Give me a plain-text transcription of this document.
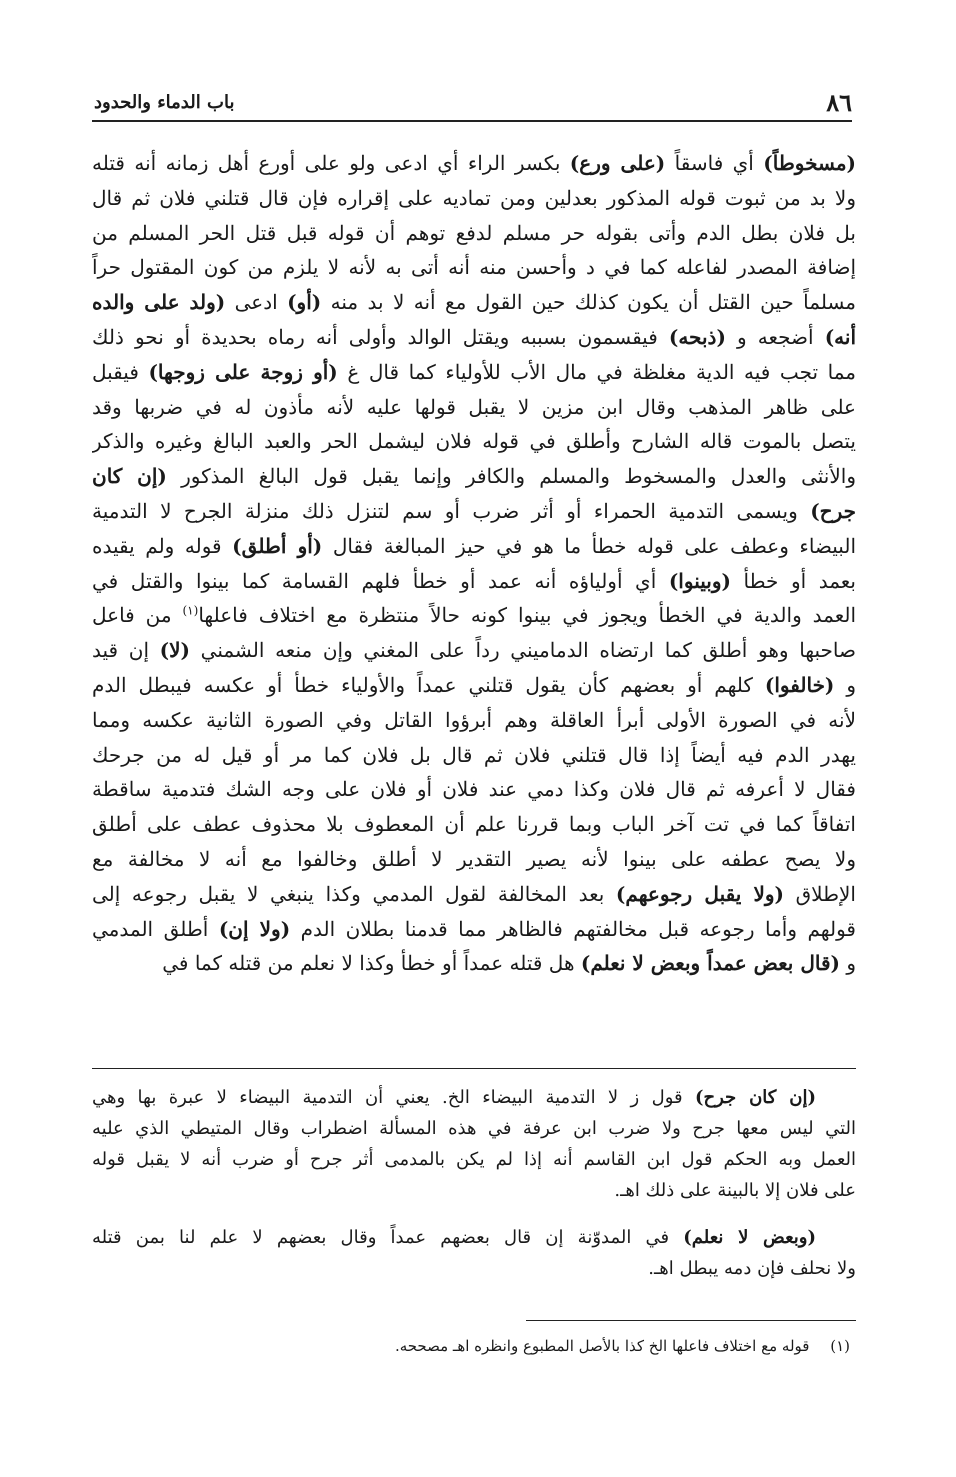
٨٦
باب الدماء والحدود
(مسخوطاً) أي فاسقاً (على ورع) بكسر الراء أي ادعى ولو على أورع أهل زمانه أنه قتله
ولا بد من ثبوت قوله المذكور بعدلين ومن تماديه على إقراره فإن قال قتلني فلان ثم قال
بل فلان بطل الدم وأتى بقوله حر مسلم لدفع توهم أن قوله قبل قتل الحر المسلم من
إضافة المصدر لفاعله كما في د وأحسن منه أنه أتى به لأنه لا يلزم من كون المقتول حراً
مسلماً حين القتل أن يكون كذلك حين القول مع أنه لا بد منه (أو) ادعى (ولد على والده
أنه) أضجعه و (ذبحه) فيقسمون بسببه ويقتل الوالد وأولى أنه رماه بحديدة أو نحو ذلك
مما تجب فيه الدية مغلظة في مال الأب للأولياء كما قال غ (أو زوجة على زوجها) فيقبل
على ظاهر المذهب وقال ابن مزين لا يقبل قولها عليه لأنه مأذون له في ضربها وقد
يتصل بالموت قاله الشارح وأطلق في قوله فلان ليشمل الحر والعبد البالغ وغيره والذكر
والأنثى والعدل والمسخوط والمسلم والكافر وإنما يقبل قول البالغ المذكور (إن كان
جرح) ويسمى التدمية الحمراء أو أثر ضرب أو سم لتنزل ذلك منزلة الجرح لا التدمية
البيضاء وعطف على قوله خطأ ما هو في حيز المبالغة فقال (أو أطلق) قوله ولم يقيده
بعمد أو خطأ (وبينوا) أي أولياؤه أنه عمد أو خطأ فلهم القسامة كما بينوا والقتل في
العمد والدية في الخطأ ويجوز في بينوا كونه حالاً منتظرة مع اختلاف فاعلها$^{(١)}$ من فاعل
صاحبها وهو أطلق كما ارتضاه الدماميني رداً على المغني وإن منعه الشمني (لا) إن قيد
و (خالفوا) كلهم أو بعضهم كأن يقول قتلني عمداً والأولياء خطأ أو عكسه فيبطل الدم
لأنه في الصورة الأولى أبرأ العاقلة وهم أبرؤوا القاتل وفي الصورة الثانية عكسه ومما
يهدر الدم فيه أيضاً إذا قال قتلني فلان ثم قال بل فلان كما مر أو قيل له من جرحك
فقال لا أعرفه ثم قال فلان وكذا دمي عند فلان أو فلان على وجه الشك فتدمية ساقطة
اتفاقاً كما في تت آخر الباب وبما قررنا علم أن المعطوف بلا محذوف عطف على أطلق
ولا يصح عطفه على بينوا لأنه يصير التقدير لا أطلق وخالفوا مع أنه لا مخالفة مع
الإطلاق (ولا يقبل رجوعهم) بعد المخالفة لقول المدمي وكذا ينبغي لا يقبل رجوعه إلى
قولهم وأما رجوعه قبل مخالفتهم فالظاهر مما قدمنا بطلان الدم (ولا إن) أطلق المدمي
و (قال بعض عمداً وبعض لا نعلم) هل قتله عمداً أو خطأ وكذا لا نعلم من قتله كما في
(إن كان جرح) قول ز لا التدمية البيضاء الخ. يعني أن التدمية البيضاء لا عبرة بها وهي
التي ليس معها جرح ولا ضرب ابن عرفة في هذه المسألة اضطراب وقال المتيطي الذي عليه
العمل وبه الحكم قول ابن القاسم أنه إذا لم يكن بالمدمى أثر جرح أو ضرب أنه لا يقبل قوله
على فلان إلا بالبينة على ذلك اهـ.
(وبعض لا نعلم) في المدوّنة إن قال بعضهم عمداً وقال بعضهم لا علم لنا بمن قتله
ولا نحلف فإن دمه يبطل اهـ.
(١) قوله مع اختلاف فاعلها الخ كذا بالأصل المطبوع وانظره اهـ مصححه.
